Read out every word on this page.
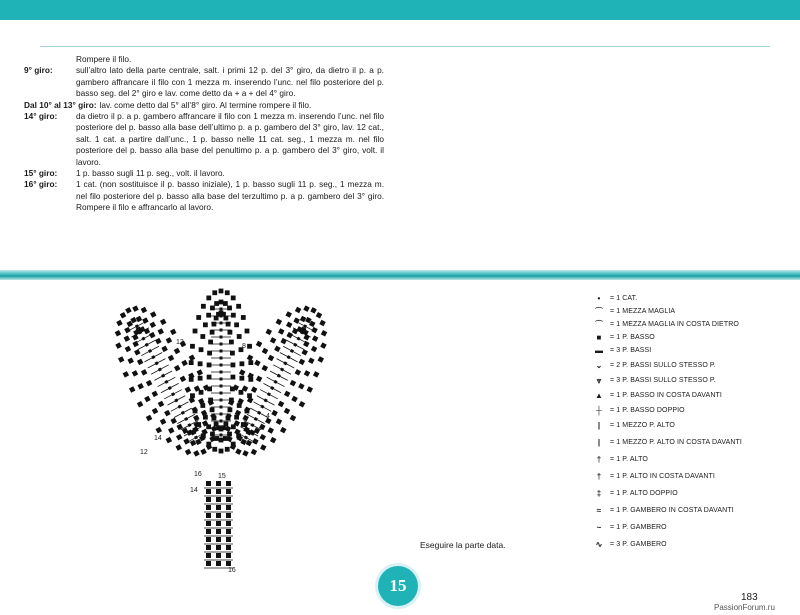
Rompere il filo.
9° giro:	sull’altro lato della parte centrale, salt. i primi 12 p. del 3° giro, da dietro il p. a p. gambero affrancare il filo con 1 mezza m. inserendo l’unc. nel filo posteriore del p. basso seg. del 2° giro e lav. come detto da + a + del 4° giro.
Dal 10° al 13° giro: lav. come detto dal 5° all’8° giro. Al termine rompere il filo.
14° giro:	da dietro il p. a p. gambero affrancare il filo con 1 mezza m. inserendo l’unc. nel filo posteriore del p. basso alla base dell’ultimo p. a p. gambero del 3° giro, lav. 12 cat., salt. 1 cat. a partire dall’unc., 1 p. basso nelle 11 cat. seg., 1 mezza m. nel filo posteriore del p. basso alla base del penultimo p. a p. gambero del 3° giro, volt. il lavoro.
15° giro:	1 p. basso sugli 11 p. seg., volt. il lavoro.
16° giro:	1 cat. (non sostituisce il p. basso iniziale), 1 p. basso sugli 11 p. seg., 1 mezza m. nel filo posteriore del p. basso alla base del terzultimo p. a p. gambero del 3° giro. Rompere il filo e affrancarlo al lavoro.
13
8
14
4
12
16 15
14
16
•	= 1 CAT.
⌒ = 1 MEZZA MAGLIA
⌒ = 1 MEZZA MAGLIA IN COSTA DIETRO
■	= 1 P. BASSO
▬ = 3 P. BASSI
⌄	= 2 P. BASSI SULLO STESSO P.
⩔	= 3 P. BASSI SULLO STESSO P.
▲ = 1 P. BASSO IN COSTA DAVANTI
┼	= 1 P. BASSO DOPPIO
|	= 1 MEZZO P. ALTO
|	= 1 MEZZO P. ALTO IN COSTA DAVANTI
†	= 1 P. ALTO
†	= 1 P. ALTO IN COSTA DAVANTI
‡	= 1 P. ALTO DOPPIO
≈	= 1 P. GAMBERO IN COSTA DAVANTI
~	= 1 P. GAMBERO
∿	= 3 P. GAMBERO
Eseguire la parte data.
15
183
PassionForum.ru
